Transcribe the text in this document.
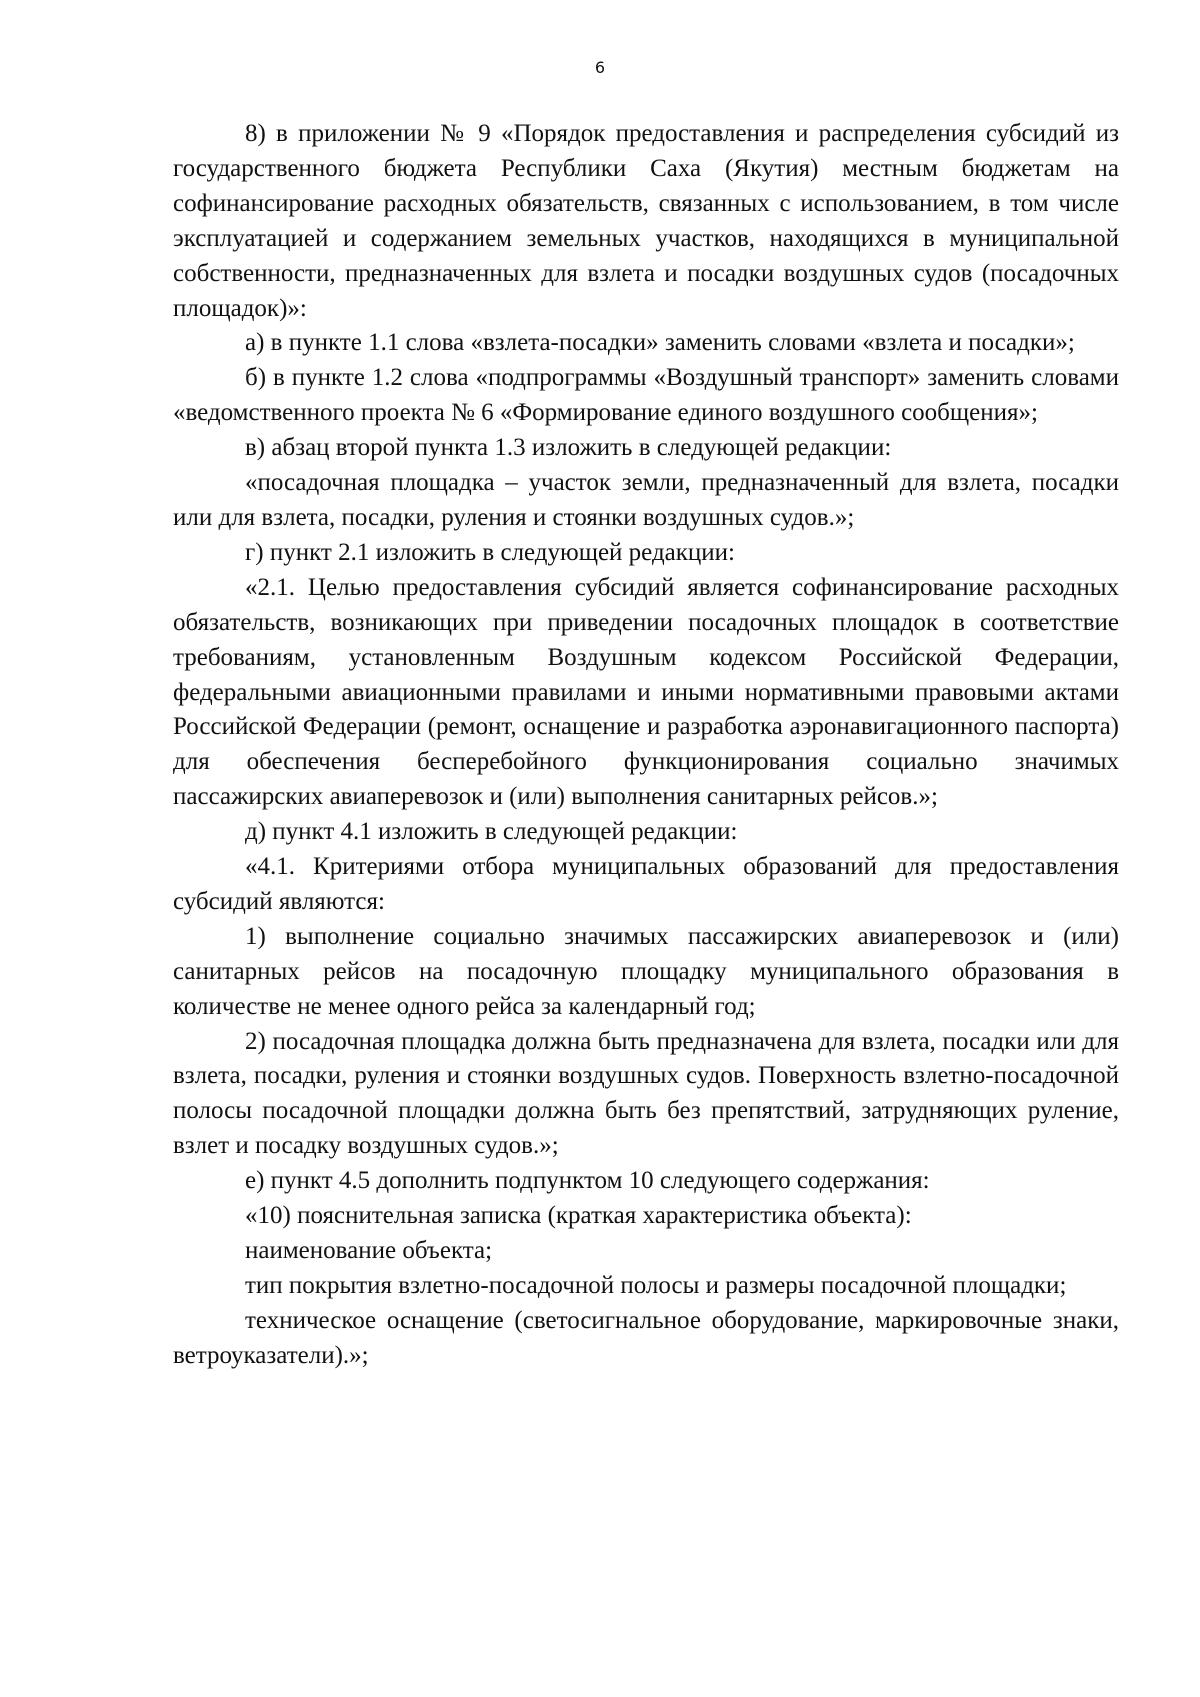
6

8) в приложении № 9 «Порядок предоставления и распределения субсидий из государственного бюджета Республики Саха (Якутия) местным бюджетам на софинансирование расходных обязательств, связанных с использованием, в том числе эксплуатацией и содержанием земельных участков, находящихся в муниципальной собственности, предназначенных для взлета и посадки воздушных судов (посадочных площадок)»:

а) в пункте 1.1 слова «взлета-посадки» заменить словами «взлета и посадки»;

б) в пункте 1.2 слова «подпрограммы «Воздушный транспорт» заменить словами «ведомственного проекта № 6 «Формирование единого воздушного сообщения»;

в) абзац второй пункта 1.3 изложить в следующей редакции:

«посадочная площадка – участок земли, предназначенный для взлета, посадки или для взлета, посадки, руления и стоянки воздушных судов.»;

г) пункт 2.1 изложить в следующей редакции:

«2.1. Целью предоставления субсидий является софинансирование расходных обязательств, возникающих при приведении посадочных площадок в соответствие требованиям, установленным Воздушным кодексом Российской Федерации, федеральными авиационными правилами и иными нормативными правовыми актами Российской Федерации (ремонт, оснащение и разработка аэронавигационного паспорта) для обеспечения бесперебойного функционирования социально значимых пассажирских авиаперевозок и (или) выполнения санитарных рейсов.»;

д) пункт 4.1 изложить в следующей редакции:

«4.1. Критериями отбора муниципальных образований для предоставления субсидий являются:

1) выполнение социально значимых пассажирских авиаперевозок и (или) санитарных рейсов на посадочную площадку муниципального образования в количестве не менее одного рейса за календарный год;

2) посадочная площадка должна быть предназначена для взлета, посадки или для взлета, посадки, руления и стоянки воздушных судов. Поверхность взлетно-посадочной полосы посадочной площадки должна быть без препятствий, затрудняющих руление, взлет и посадку воздушных судов.»;

е) пункт 4.5 дополнить подпунктом 10 следующего содержания:

«10) пояснительная записка (краткая характеристика объекта):

наименование объекта;

тип покрытия взлетно-посадочной полосы и размеры посадочной площадки;

техническое оснащение (светосигнальное оборудование, маркировочные знаки, ветроуказатели).»;
